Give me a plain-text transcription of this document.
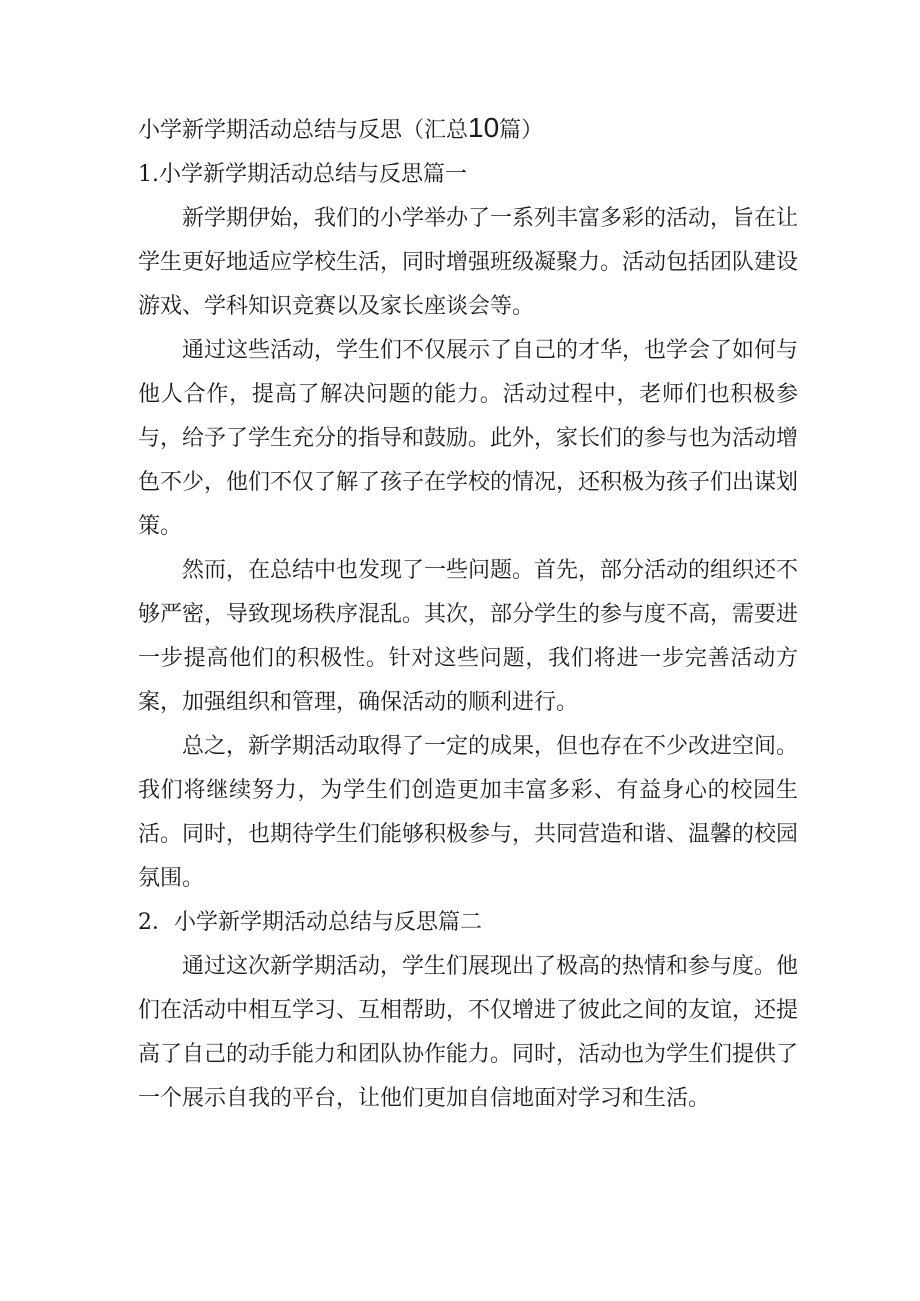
小学新学期活动总结与反思（汇总10篇）
1.小学新学期活动总结与反思篇一

新学期伊始，我们的小学举办了一系列丰富多彩的活动，旨在让学生更好地适应学校生活，同时增强班级凝聚力。活动包括团队建设游戏、学科知识竞赛以及家长座谈会等。

通过这些活动，学生们不仅展示了自己的才华，也学会了如何与他人合作，提高了解决问题的能力。活动过程中，老师们也积极参与，给予了学生充分的指导和鼓励。此外，家长们的参与也为活动增色不少，他们不仅了解了孩子在学校的情况，还积极为孩子们出谋划策。

然而，在总结中也发现了一些问题。首先，部分活动的组织还不够严密，导致现场秩序混乱。其次，部分学生的参与度不高，需要进一步提高他们的积极性。针对这些问题，我们将进一步完善活动方案，加强组织和管理，确保活动的顺利进行。

总之，新学期活动取得了一定的成果，但也存在不少改进空间。我们将继续努力，为学生们创造更加丰富多彩、有益身心的校园生活。同时，也期待学生们能够积极参与，共同营造和谐、温馨的校园氛围。

2．小学新学期活动总结与反思篇二

通过这次新学期活动，学生们展现出了极高的热情和参与度。他们在活动中相互学习、互相帮助，不仅增进了彼此之间的友谊，还提高了自己的动手能力和团队协作能力。同时，活动也为学生们提供了一个展示自我的平台，让他们更加自信地面对学习和生活。
